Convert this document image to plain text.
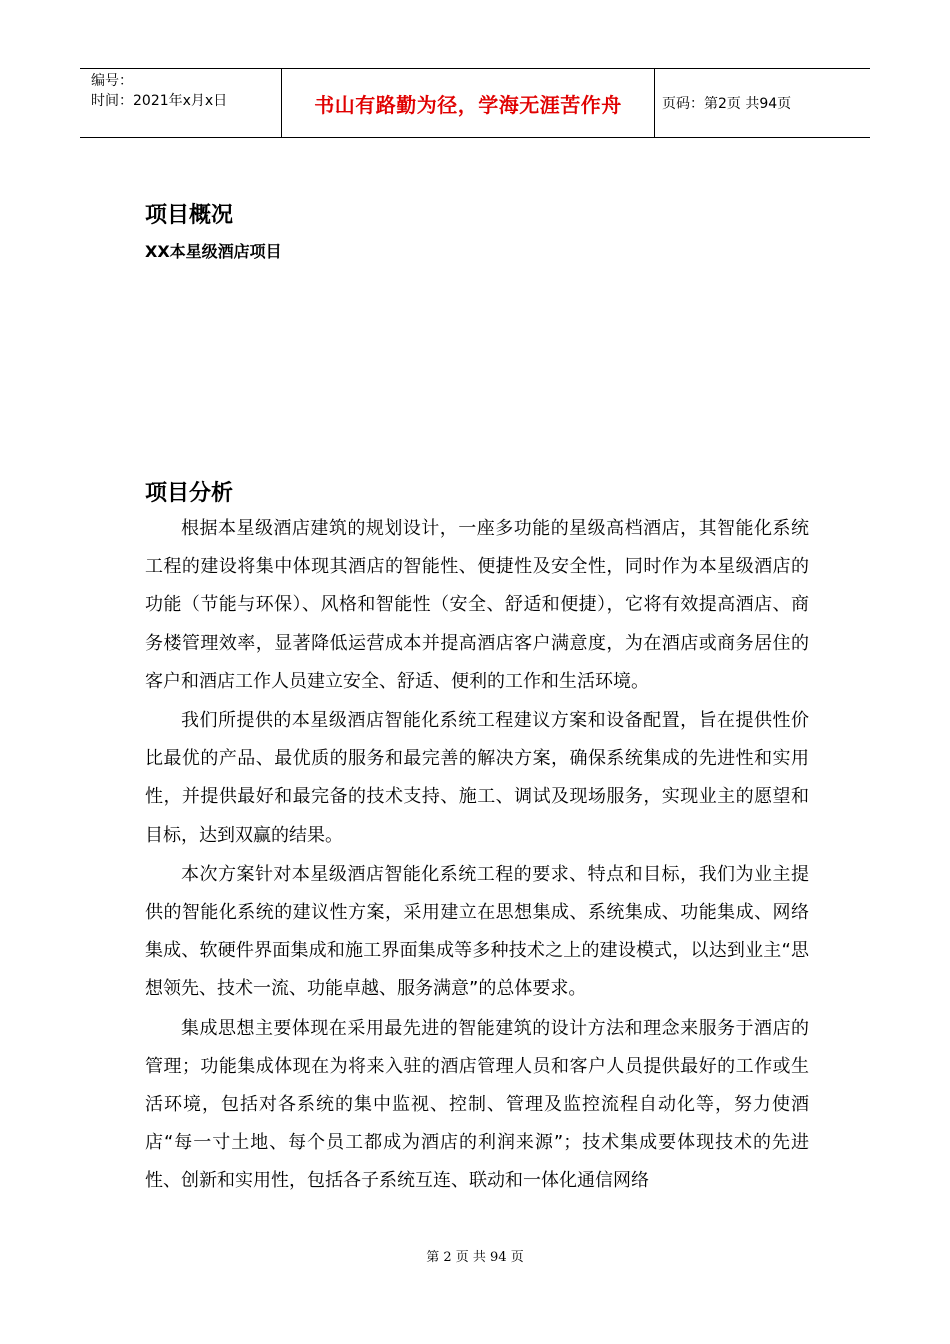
编号：
时间：2021年x月x日	书山有路勤为径，学海无涯苦作舟	页码：第2页 共94页
项目概况
XX本星级酒店项目
项目分析

根据本星级酒店建筑的规划设计，一座多功能的星级高档酒店，其智能化系统工程的建设将集中体现其酒店的智能性、便捷性及安全性，同时作为本星级酒店的功能（节能与环保）、风格和智能性（安全、舒适和便捷），它将有效提高酒店、商务楼管理效率，显著降低运营成本并提高酒店客户满意度，为在酒店或商务居住的客户和酒店工作人员建立安全、舒适、便利的工作和生活环境。

我们所提供的本星级酒店智能化系统工程建议方案和设备配置，旨在提供性价比最优的产品、最优质的服务和最完善的解决方案，确保系统集成的先进性和实用性，并提供最好和最完备的技术支持、施工、调试及现场服务，实现业主的愿望和目标，达到双赢的结果。

本次方案针对本星级酒店智能化系统工程的要求、特点和目标，我们为业主提供的智能化系统的建议性方案，采用建立在思想集成、系统集成、功能集成、网络集成、软硬件界面集成和施工界面集成等多种技术之上的建设模式，以达到业主“思想领先、技术一流、功能卓越、服务满意”的总体要求。

集成思想主要体现在采用最先进的智能建筑的设计方法和理念来服务于酒店的管理；功能集成体现在为将来入驻的酒店管理人员和客户人员提供最好的工作或生活环境，包括对各系统的集中监视、控制、管理及监控流程自动化等，努力使酒店“每一寸土地、每个员工都成为酒店的利润来源”；技术集成要体现技术的先进性、创新和实用性，包括各子系统互连、联动和一体化通信网络

第 2 页 共 94 页
